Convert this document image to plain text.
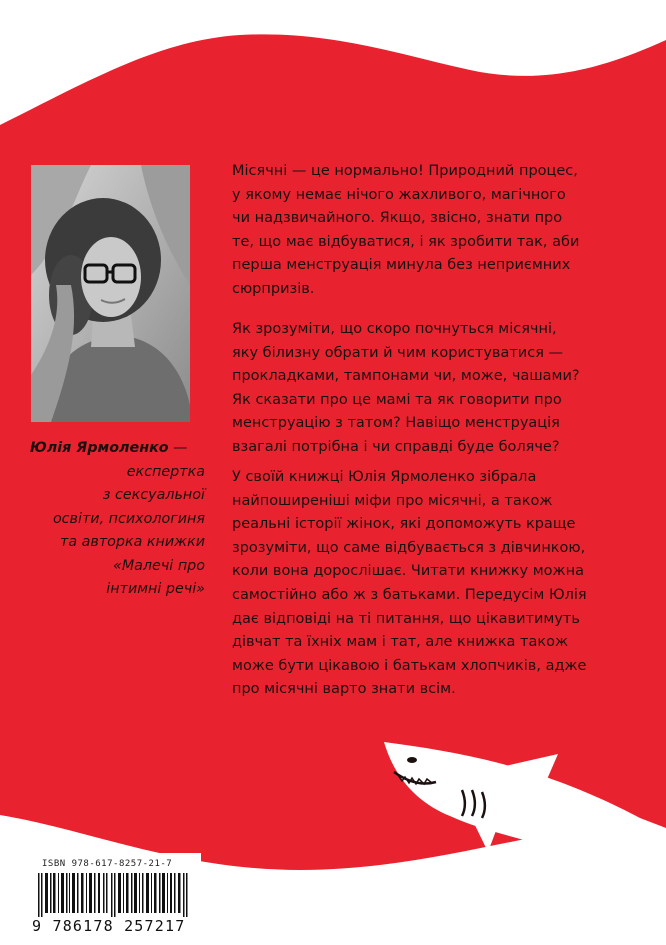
Юлія Ярмоленко —
експертка
з сексуальної
освіти, психологиня
та авторка книжки
«Малечі про
інтимні речі»
Місячні — це нормально! Природний процес,
у якому немає нічого жахливого, магічного
чи надзвичайного. Якщо, звісно, знати про
те, що має відбуватися, і як зробити так, аби
перша менструація минула без неприємних
сюрпризів.
Як зрозуміти, що скоро почнуться місячні,
яку білизну обрати й чим користуватися —
прокладками, тампонами чи, може, чашами?
Як сказати про це мамі та як говорити про
менструацію з татом? Навіщо менструація
взагалі потрібна і чи справді буде боляче?
У своїй книжці Юлія Ярмоленко зібрала
найпоширеніші міфи про місячні, а також
реальні історії жінок, які допоможуть краще
зрозуміти, що саме відбувається з дівчинкою,
коли вона дорослішає. Читати книжку можна
самостійно або ж з батьками. Передусім Юлія
дає відповіді на ті питання, що цікавитимуть
дівчат та їхніх мам і тат, але книжка також
може бути цікавою і батькам хлопчиків, адже
про місячні варто знати всім.
ISBN 978-617-8257-21-7
9 786178 257217
